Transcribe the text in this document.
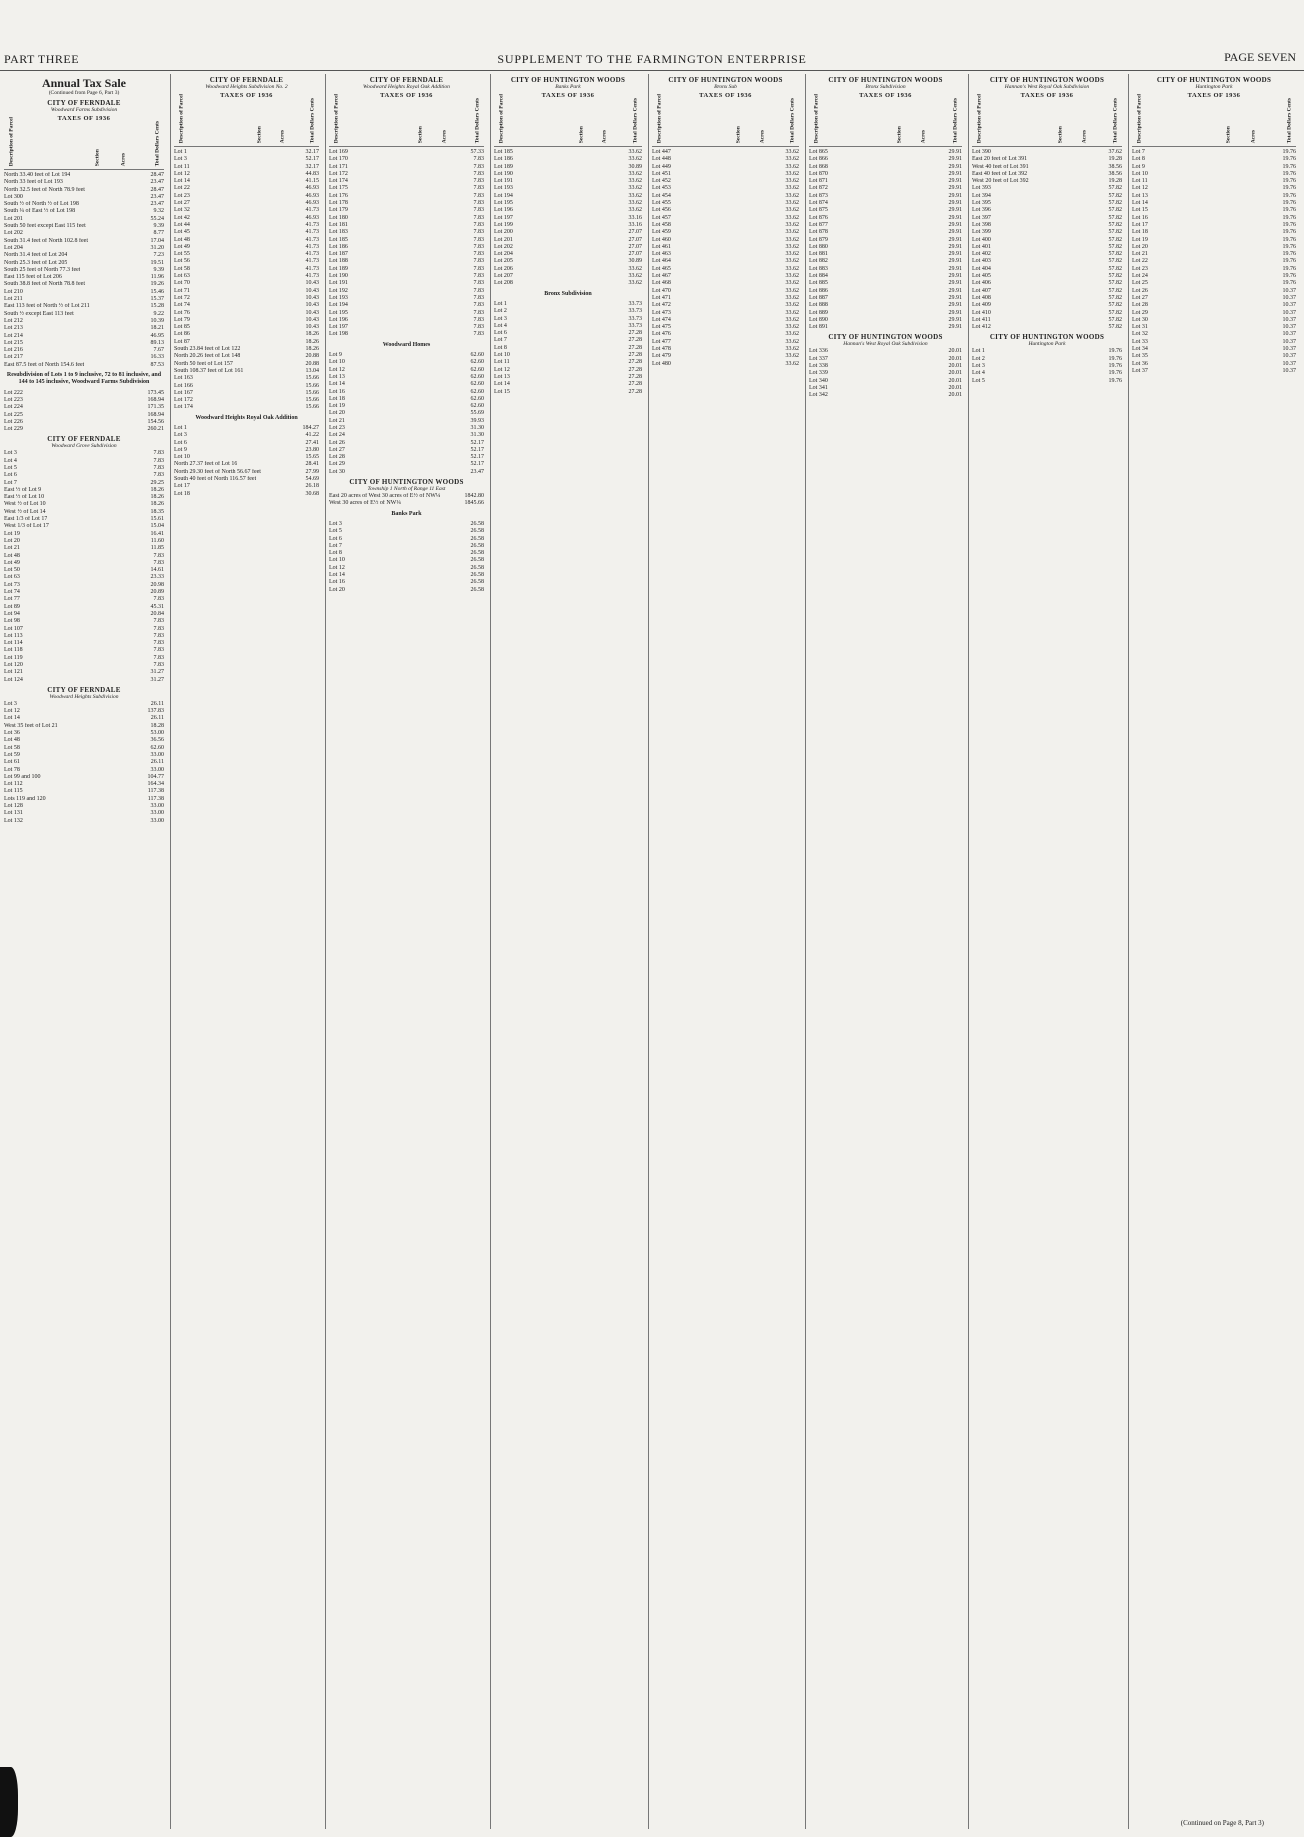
PART THREE	SUPPLEMENT TO THE FARMINGTON ENTERPRISE	PAGE SEVEN
Annual Tax Sale
(Continued from Page 6, Part 3)
CITY OF FERNDALE
Woodward Farms Subdivision
TAXES OF 1936
Description of Parcel	Section	Acres	Total Dollars Cents
North 33.40 feet of Lot 194	28.47
North 33 feet of Lot 193	23.47
North 32.5 feet of North 78.9 feet	28.47
Lot 300	23.47
South ½ of North ½ of Lot 198	23.47
South ¼ of East ½ of Lot 198	9.32
Lot 201	55.24
South 50 feet except East 115 feet	9.39
Lot 202	8.77
South 31.4 feet of North 102.8 feet	17.04
Lot 204	31.20
North 31.4 feet of Lot 204	7.23
North 25.3 feet of Lot 205	19.51
South 25 feet of North 77.3 feet	9.39
East 115 feet of Lot 206	11.96
South 38.8 feet of North 78.8 feet	19.26
Lot 210	15.46
Lot 211	15.37
East 113 feet of North ½ of Lot 211	15.28
South ½ except East 113 feet	9.22
Lot 212	10.39
Lot 213	18.21
Lot 214	46.95
Lot 215	89.13
Lot 216	7.67
Lot 217	16.33
East 87.5 feet of North 154.6 feet	87.53
Resubdivision of Lots 1 to 9 inclusive, 72 to 81 inclusive, and 144 to 145 inclusive, Woodward Farms Subdivision
Lot 222	173.45
Lot 223	168.94
Lot 224	171.35
Lot 225	168.94
Lot 226	154.56
Lot 229	260.21
CITY OF FERNDALE
Woodward Grove Subdivision
Lot 3	7.83
Lot 4	7.83
Lot 5	7.83
Lot 6	7.83
Lot 7	29.25
East ½ of Lot 9	18.26
East ½ of Lot 10	18.26
West ½ of Lot 10	18.26
West ½ of Lot 14	18.35
East 1/3 of Lot 17	15.61
West 1/3 of Lot 17	15.04
Lot 19	16.41
Lot 20	11.60
Lot 21	11.85
Lot 48	7.83
Lot 49	7.83
Lot 50	14.61
Lot 63	23.33
Lot 73	20.98
Lot 74	20.89
Lot 77	7.83
Lot 89	45.31
Lot 94	20.84
Lot 98	7.83
Lot 107	7.83
Lot 113	7.83
Lot 114	7.83
Lot 118	7.83
Lot 119	7.83
Lot 120	7.83
Lot 121	31.27
Lot 124	31.27
CITY OF FERNDALE
Woodward Heights Subdivision
Lot 3	26.11
Lot 12	137.83
Lot 14	26.11
West 35 feet of Lot 21	18.28
Lot 36	53.00
Lot 48	36.56
Lot 58	62.60
Lot 59	33.00
Lot 61	26.11
Lot 78	33.00
Lot 99 and 100	104.77
Lot 112	164.34
Lot 115	117.38
Lots 119 and 120	117.38
Lot 128	33.00
Lot 131	33.00
Lot 132	33.00
CITY OF FERNDALE
Woodward Heights Subdivision No. 2
TAXES OF 1936
Description of Parcel	Section	Acres	Total Dollars Cents
Lot 1	32.17
Lot 3	52.17
Lot 11	32.17
Lot 12	44.83
Lot 14	41.15
Lot 22	46.93
Lot 23	46.93
Lot 27	46.93
Lot 32	41.73
Lot 42	46.93
Lot 44	41.73
Lot 45	41.73
Lot 48	41.73
Lot 49	41.73
Lot 55	41.73
Lot 56	41.73
Lot 58	41.73
Lot 63	41.73
Lot 70	10.43
Lot 71	10.43
Lot 72	10.43
Lot 74	10.43
Lot 76	10.43
Lot 79	10.43
Lot 85	10.43
Lot 86	18.26
Lot 87	18.26
South 23.84 feet of Lot 122	18.26
North 20.26 feet of Lot 148	20.88
North 50 feet of Lot 157	20.88
South 108.37 feet of Lot 161	13.04
Lot 163	15.66
Lot 166	15.66
Lot 167	15.66
Lot 172	15.66
Lot 174	15.66
Woodward Heights Royal Oak Addition
Lot 1	184.27
Lot 3	41.22
Lot 6	27.41
Lot 9	23.80
Lot 10	15.65
North 27.37 feet of Lot 16	28.41
North 29.30 feet of North 56.67 feet	27.99
South 40 feet of North 116.57 feet	54.69
Lot 17	26.18
Lot 18	30.68
CITY OF FERNDALE
Woodward Heights Royal Oak Addition
TAXES OF 1936
Description of Parcel	Section	Acres	Total Dollars Cents
Lot 169	57.33
Lot 170	7.83
Lot 171	7.83
Lot 172	7.83
Lot 174	7.83
Lot 175	7.83
Lot 176	7.83
Lot 178	7.83
Lot 179	7.83
Lot 180	7.83
Lot 181	7.83
Lot 183	7.83
Lot 185	7.83
Lot 186	7.83
Lot 187	7.83
Lot 188	7.83
Lot 189	7.83
Lot 190	7.83
Lot 191	7.83
Lot 192	7.83
Lot 193	7.83
Lot 194	7.83
Lot 195	7.83
Lot 196	7.83
Lot 197	7.83
Lot 198	7.83
Woodward Homes
Lot 9	62.60
Lot 10	62.60
Lot 12	62.60
Lot 13	62.60
Lot 14	62.60
Lot 16	62.60
Lot 18	62.60
Lot 19	62.60
Lot 20	55.69
Lot 21	39.93
Lot 23	31.30
Lot 24	31.30
Lot 26	52.17
Lot 27	52.17
Lot 28	52.17
Lot 29	52.17
Lot 30	23.47
CITY OF HUNTINGTON WOODS
Township 1 North of Range 11 East
East 20 acres of West 30 acres of E½ of NW¼	1842.80
West 30 acres of E½ of NW¼	1845.66
Banks Park
Lot 3	26.58
Lot 5	26.58
Lot 6	26.58
Lot 7	26.58
Lot 8	26.58
Lot 10	26.58
Lot 12	26.58
Lot 14	26.58
Lot 16	26.58
Lot 20	26.58
CITY OF HUNTINGTON WOODS
Banks Park
TAXES OF 1936
Description of Parcel	Section	Acres	Total Dollars Cents
Lot 185	33.62
Lot 186	33.62
Lot 189	30.89
Lot 190	33.62
Lot 191	33.62
Lot 193	33.62
Lot 194	33.62
Lot 195	33.62
Lot 196	33.62
Lot 197	33.16
Lot 199	33.16
Lot 200	27.07
Lot 201	27.07
Lot 202	27.07
Lot 204	27.07
Lot 205	30.89
Lot 206	33.62
Lot 207	33.62
Lot 208	33.62
Bronx Subdivision
Lot 1	33.73
Lot 2	33.73
Lot 3	33.73
Lot 4	33.73
Lot 6	27.28
Lot 7	27.28
Lot 8	27.28
Lot 10	27.28
Lot 11	27.28
Lot 12	27.28
Lot 13	27.28
Lot 14	27.28
Lot 15	27.28
CITY OF HUNTINGTON WOODS
Bronx Sub
TAXES OF 1936
Description of Parcel	Section	Acres	Total Dollars Cents
Lot 447	33.62
Lot 448	33.62
Lot 449	33.62
Lot 451	33.62
Lot 452	33.62
Lot 453	33.62
Lot 454	33.62
Lot 455	33.62
Lot 456	33.62
Lot 457	33.62
Lot 458	33.62
Lot 459	33.62
Lot 460	33.62
Lot 461	33.62
Lot 463	33.62
Lot 464	33.62
Lot 465	33.62
Lot 467	33.62
Lot 468	33.62
Lot 470	33.62
Lot 471	33.62
Lot 472	33.62
Lot 473	33.62
Lot 474	33.62
Lot 475	33.62
Lot 476	33.62
Lot 477	33.62
Lot 478	33.62
Lot 479	33.62
Lot 480	33.62
CITY OF HUNTINGTON WOODS
Bronx Subdivision
TAXES OF 1936
Description of Parcel	Section	Acres	Total Dollars Cents
Lot 865	29.91
Lot 866	29.91
Lot 868	29.91
Lot 870	29.91
Lot 871	29.91
Lot 872	29.91
Lot 873	29.91
Lot 874	29.91
Lot 875	29.91
Lot 876	29.91
Lot 877	29.91
Lot 878	29.91
Lot 879	29.91
Lot 880	29.91
Lot 881	29.91
Lot 882	29.91
Lot 883	29.91
Lot 884	29.91
Lot 885	29.91
Lot 886	29.91
Lot 887	29.91
Lot 888	29.91
Lot 889	29.91
Lot 890	29.91
Lot 891	29.91
CITY OF HUNTINGTON WOODS
Hannan's West Royal Oak Subdivision
Lot 336	20.01
Lot 337	20.01
Lot 338	20.01
Lot 339	20.01
Lot 340	20.01
Lot 341	20.01
Lot 342	20.01
CITY OF HUNTINGTON WOODS
Hannan's West Royal Oak Subdivision
TAXES OF 1936
Description of Parcel	Section	Acres	Total Dollars Cents
Lot 390	37.62
East 20 feet of Lot 391	19.28
West 40 feet of Lot 391	38.56
East 40 feet of Lot 392	38.56
West 20 feet of Lot 392	19.28
Lot 393	57.82
Lot 394	57.82
Lot 395	57.82
Lot 396	57.82
Lot 397	57.82
Lot 398	57.82
Lot 399	57.82
Lot 400	57.82
Lot 401	57.82
Lot 402	57.82
Lot 403	57.82
Lot 404	57.82
Lot 405	57.82
Lot 406	57.82
Lot 407	57.82
Lot 408	57.82
Lot 409	57.82
Lot 410	57.82
Lot 411	57.82
Lot 412	57.82
CITY OF HUNTINGTON WOODS
Huntington Park
Lot 1	19.76
Lot 2	19.76
Lot 3	19.76
Lot 4	19.76
Lot 5	19.76
CITY OF HUNTINGTON WOODS
Huntington Park
TAXES OF 1936
Description of Parcel	Section	Acres	Total Dollars Cents
Lot 7	19.76
Lot 8	19.76
Lot 9	19.76
Lot 10	19.76
Lot 11	19.76
Lot 12	19.76
Lot 13	19.76
Lot 14	19.76
Lot 15	19.76
Lot 16	19.76
Lot 17	19.76
Lot 18	19.76
Lot 19	19.76
Lot 20	19.76
Lot 21	19.76
Lot 22	19.76
Lot 23	19.76
Lot 24	19.76
Lot 25	19.76
Lot 26	10.37
Lot 27	10.37
Lot 28	10.37
Lot 29	10.37
Lot 30	10.37
Lot 31	10.37
Lot 32	10.37
Lot 33	10.37
Lot 34	10.37
Lot 35	10.37
Lot 36	10.37
Lot 37	10.37
(Continued on Page 8, Part 3)
